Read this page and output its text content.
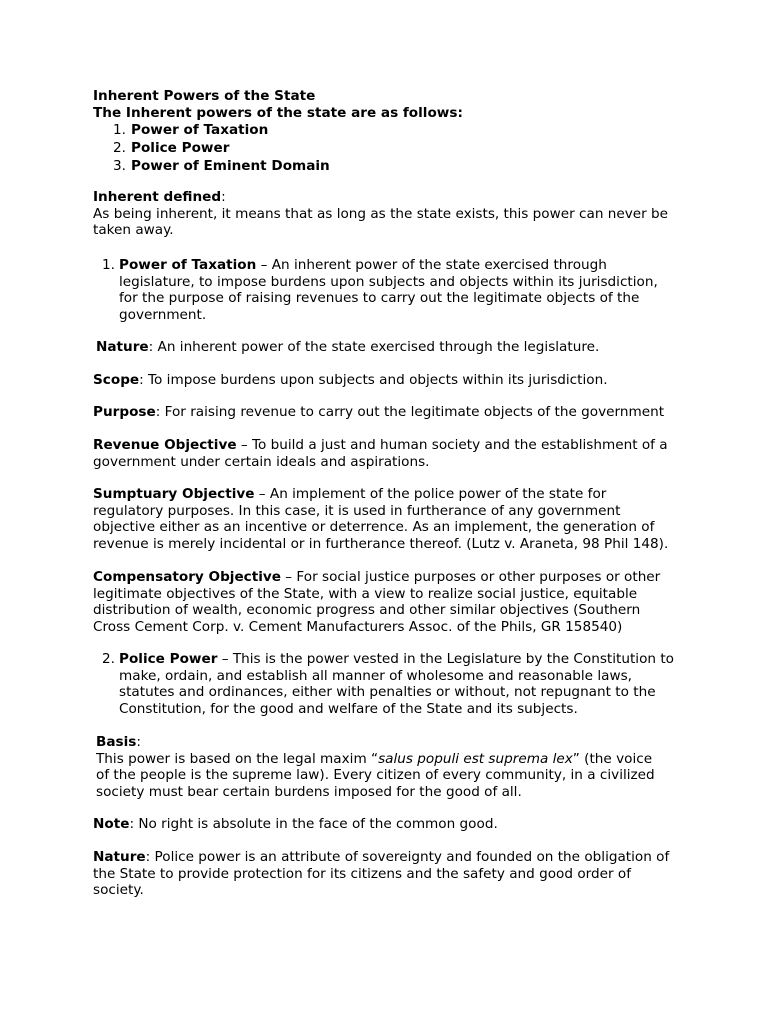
Inherent Powers of the State
The Inherent powers of the state are as follows:
1. Power of Taxation
2. Police Power
3. Power of Eminent Domain
Inherent defined:
As being inherent, it means that as long as the state exists, this power can never be taken away.
1. Power of Taxation – An inherent power of the state exercised through legislature, to impose burdens upon subjects and objects within its jurisdiction, for the purpose of raising revenues to carry out the legitimate objects of the government.
Nature: An inherent power of the state exercised through the legislature.
Scope: To impose burdens upon subjects and objects within its jurisdiction.
Purpose: For raising revenue to carry out the legitimate objects of the government
Revenue Objective – To build a just and human society and the establishment of a government under certain ideals and aspirations.
Sumptuary Objective – An implement of the police power of the state for regulatory purposes. In this case, it is used in furtherance of any government objective either as an incentive or deterrence. As an implement, the generation of revenue is merely incidental or in furtherance thereof. (Lutz v. Araneta, 98 Phil 148).
Compensatory Objective – For social justice purposes or other purposes or other legitimate objectives of the State, with a view to realize social justice, equitable distribution of wealth, economic progress and other similar objectives (Southern Cross Cement Corp. v. Cement Manufacturers Assoc. of the Phils, GR 158540)
2. Police Power – This is the power vested in the Legislature by the Constitution to make, ordain, and establish all manner of wholesome and reasonable laws, statutes and ordinances, either with penalties or without, not repugnant to the Constitution, for the good and welfare of the State and its subjects.
Basis:
This power is based on the legal maxim “salus populi est suprema lex” (the voice of the people is the supreme law). Every citizen of every community, in a civilized society must bear certain burdens imposed for the good of all.
Note: No right is absolute in the face of the common good.
Nature: Police power is an attribute of sovereignty and founded on the obligation of the State to provide protection for its citizens and the safety and good order of society.
